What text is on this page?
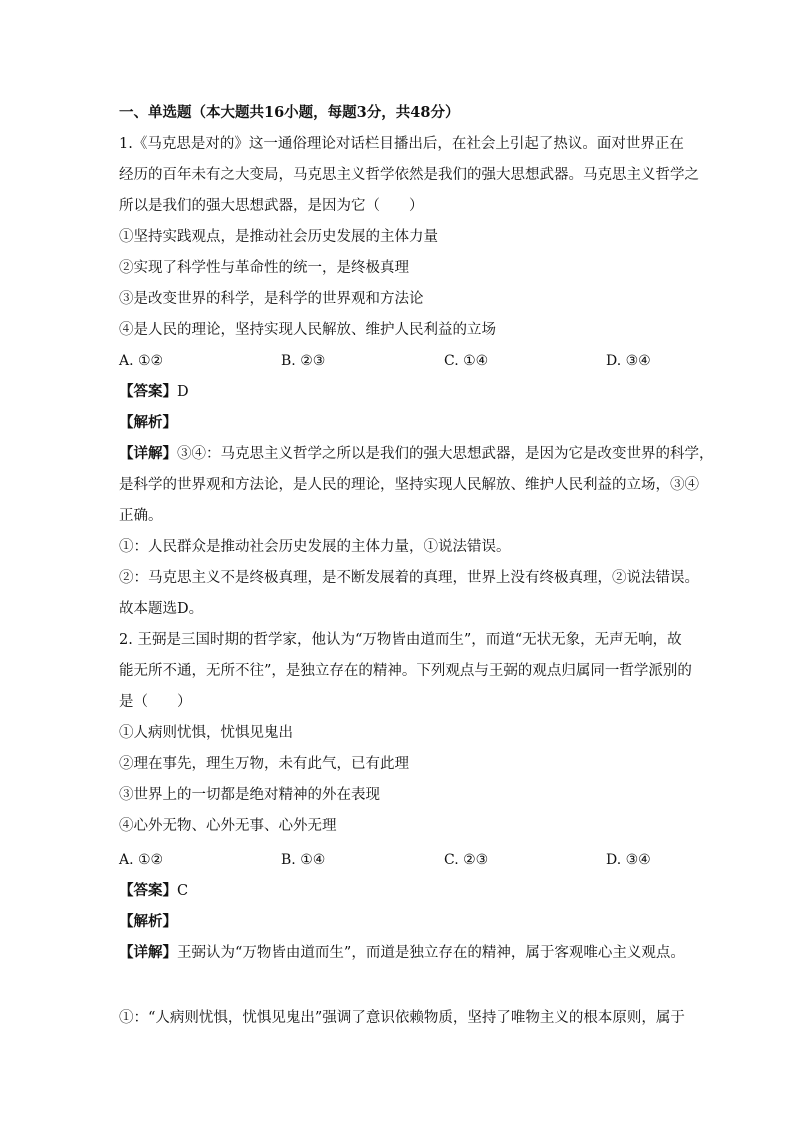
一、单选题（本大题共16小题，每题3分，共48分）
1.《马克思是对的》这一通俗理论对话栏目播出后，在社会上引起了热议。面对世界正在
经历的百年未有之大变局，马克思主义哲学依然是我们的强大思想武器。马克思主义哲学之
所以是我们的强大思想武器，是因为它（　　）
①坚持实践观点，是推动社会历史发展的主体力量
②实现了科学性与革命性的统一，是终极真理
③是改变世界的科学，是科学的世界观和方法论
④是人民的理论，坚持实现人民解放、维护人民利益的立场
A. ①②	B. ②③	C. ①④	D. ③④
【答案】D
【解析】
【详解】③④：马克思主义哲学之所以是我们的强大思想武器，是因为它是改变世界的科学，
是科学的世界观和方法论，是人民的理论，坚持实现人民解放、维护人民利益的立场，③④
正确。
①：人民群众是推动社会历史发展的主体力量，①说法错误。
②：马克思主义不是终极真理，是不断发展着的真理，世界上没有终极真理，②说法错误。
故本题选D。
2. 王弼是三国时期的哲学家，他认为“万物皆由道而生”，而道“无状无象，无声无响，故
能无所不通，无所不往”，是独立存在的精神。下列观点与王弼的观点归属同一哲学派别的
是（　　）
①人病则忧惧，忧惧见鬼出
②理在事先，理生万物，未有此气，已有此理
③世界上的一切都是绝对精神的外在表现
④心外无物、心外无事、心外无理
A. ①②	B. ①④	C. ②③	D. ③④
【答案】C
【解析】
【详解】王弼认为“万物皆由道而生”，而道是独立存在的精神，属于客观唯心主义观点。
①：“人病则忧惧，忧惧见鬼出”强调了意识依赖物质，坚持了唯物主义的根本原则，属于
